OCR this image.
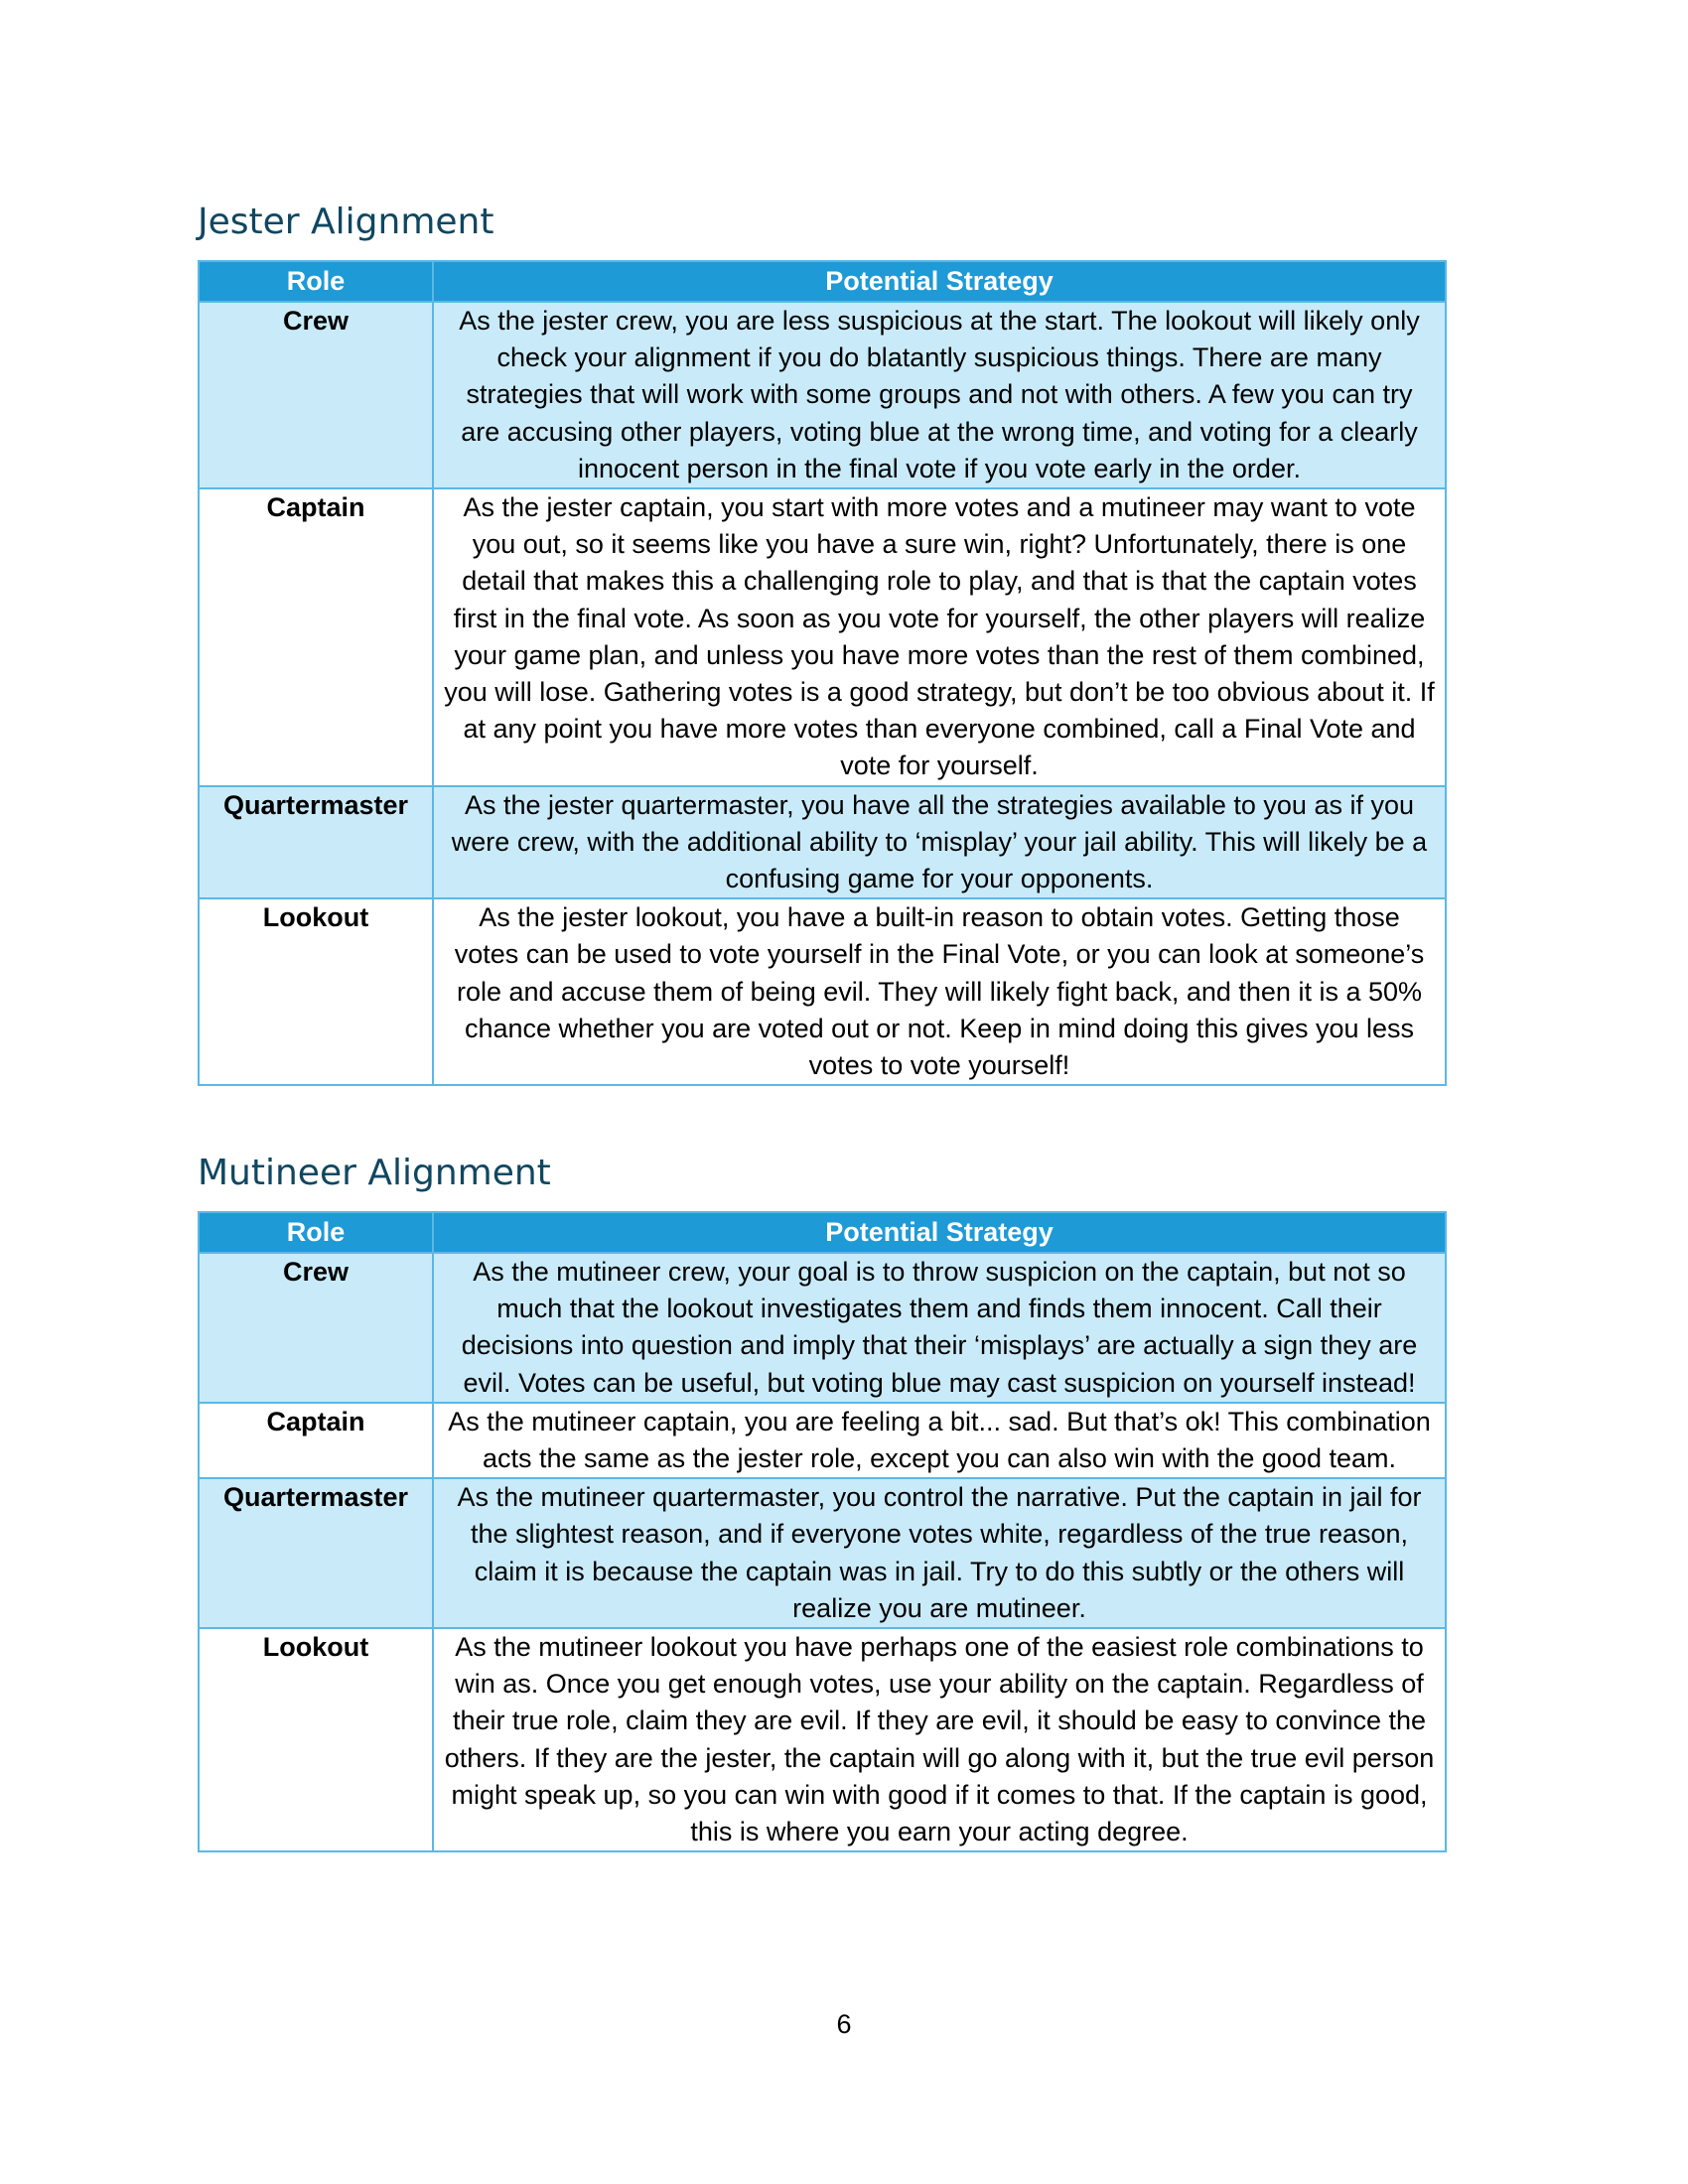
Jester Alignment
Role	Potential Strategy
Crew	As the jester crew, you are less suspicious at the start. The lookout will likely only check your alignment if you do blatantly suspicious things. There are many strategies that will work with some groups and not with others. A few you can try are accusing other players, voting blue at the wrong time, and voting for a clearly innocent person in the final vote if you vote early in the order.
Captain	As the jester captain, you start with more votes and a mutineer may want to vote you out, so it seems like you have a sure win, right? Unfortunately, there is one detail that makes this a challenging role to play, and that is that the captain votes first in the final vote. As soon as you vote for yourself, the other players will realize your game plan, and unless you have more votes than the rest of them combined, you will lose. Gathering votes is a good strategy, but don’t be too obvious about it. If at any point you have more votes than everyone combined, call a Final Vote and vote for yourself.
Quartermaster	As the jester quartermaster, you have all the strategies available to you as if you were crew, with the additional ability to ‘misplay’ your jail ability. This will likely be a confusing game for your opponents.
Lookout	As the jester lookout, you have a built-in reason to obtain votes. Getting those votes can be used to vote yourself in the Final Vote, or you can look at someone’s role and accuse them of being evil. They will likely fight back, and then it is a 50% chance whether you are voted out or not. Keep in mind doing this gives you less votes to vote yourself!
Mutineer Alignment
Role	Potential Strategy
Crew	As the mutineer crew, your goal is to throw suspicion on the captain, but not so much that the lookout investigates them and finds them innocent. Call their decisions into question and imply that their ‘misplays’ are actually a sign they are evil. Votes can be useful, but voting blue may cast suspicion on yourself instead!
Captain	As the mutineer captain, you are feeling a bit... sad. But that’s ok! This combination acts the same as the jester role, except you can also win with the good team.
Quartermaster	As the mutineer quartermaster, you control the narrative. Put the captain in jail for the slightest reason, and if everyone votes white, regardless of the true reason, claim it is because the captain was in jail. Try to do this subtly or the others will realize you are mutineer.
Lookout	As the mutineer lookout you have perhaps one of the easiest role combinations to win as. Once you get enough votes, use your ability on the captain. Regardless of their true role, claim they are evil. If they are evil, it should be easy to convince the others. If they are the jester, the captain will go along with it, but the true evil person might speak up, so you can win with good if it comes to that. If the captain is good, this is where you earn your acting degree.
6
